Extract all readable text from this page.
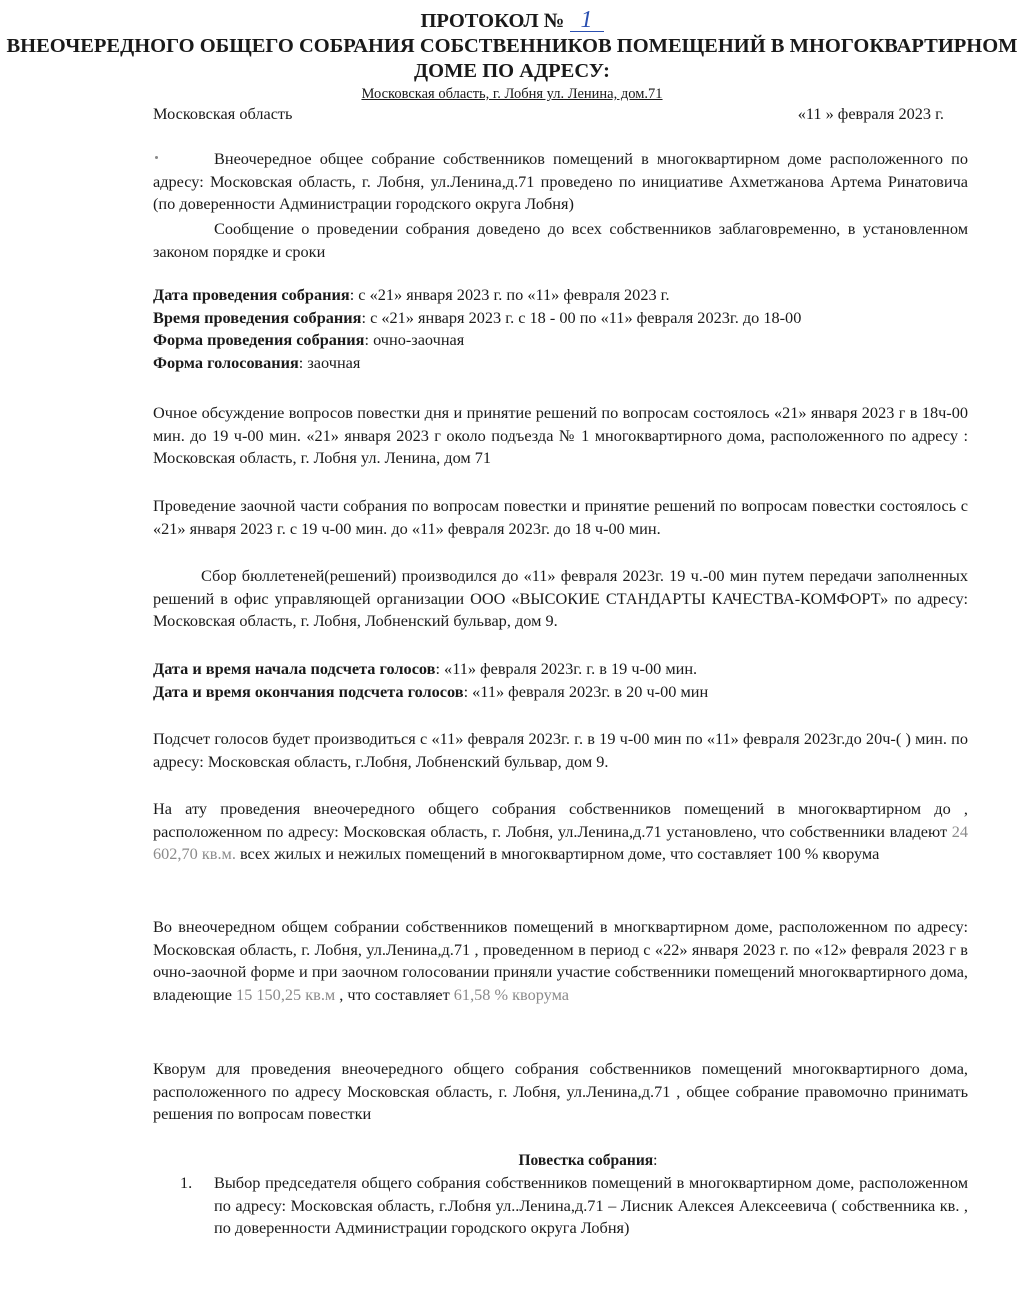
ПРОТОКОЛ № 1
ВНЕОЧЕРЕДНОГО ОБЩЕГО СОБРАНИЯ СОБСТВЕННИКОВ ПОМЕЩЕНИЙ В МНОГОКВАРТИРНОМ ДОМЕ ПО АДРЕСУ:
Московская область, г. Лобня ул. Ленина, дом.71
Московская область	«11 » февраля 2023 г.
Внеочередное общее собрание собственников помещений в многоквартирном доме расположенного по адресу: Московская область, г. Лобня, ул.Ленина,д.71 проведено по инициативе Ахметжанова Артема Ринатовича (по доверенности Администрации городского округа Лобня)
Сообщение о проведении собрания доведено до всех собственников заблаговременно, в установленном законом порядке и сроки
Дата проведения собрания: с «21» января 2023 г. по «11» февраля 2023 г.
Время проведения собрания: с «21» января 2023 г. с 18 - 00 по «11» февраля 2023г. до 18-00
Форма проведения собрания: очно-заочная
Форма голосования: заочная
Очное обсуждение вопросов повестки дня и принятие решений по вопросам состоялось «21» января 2023 г в 18ч-00 мин. до 19 ч-00 мин. «21» января 2023 г около подъезда № 1 многоквартирного дома, расположенного по адресу : Московская область, г. Лобня ул. Ленина, дом 71
Проведение заочной части собрания по вопросам повестки и принятие решений по вопросам повестки состоялось с «21» января 2023 г. с 19 ч-00 мин. до «11» февраля 2023г. до 18 ч-00 мин.
Сбор бюллетеней(решений) производился до «11» февраля 2023г. 19 ч.-00 мин путем передачи заполненных решений в офис управляющей организации ООО «ВЫСОКИЕ СТАНДАРТЫ КАЧЕСТВА-КОМФОРТ» по адресу: Московская область, г. Лобня, Лобненский бульвар, дом 9.
Дата и время начала подсчета голосов: «11» февраля 2023г. г. в 19 ч-00 мин.
Дата и время окончания подсчета голосов: «11» февраля 2023г. в 20 ч-00 мин
Подсчет голосов будет производиться с «11» февраля 2023г. г. в 19 ч-00 мин по «11» февраля 2023г.до 20ч-( ) мин. по адресу: Московская область, г.Лобня, Лобненский бульвар, дом 9.
На ату проведения внеочередного общего собрания собственников помещений в многоквартирном до , расположенном по адресу: Московская область, г. Лобня, ул.Ленина,д.71 установлено, что собственники владеют 24 602,70 кв.м. всех жилых и нежилых помещений в многоквартирном доме, что составляет 100 % кворума
Во внеочередном общем собрании собственников помещений в многквартирном доме, расположенном по адресу: Московская область, г. Лобня, ул.Ленина,д.71 , проведенном в период с «22» января 2023 г. по «12» февраля 2023 г в очно-заочной форме и при заочном голосовании приняли участие собственники помещений многоквартирного дома, владеющие 15 150,25 кв.м , что составляет 61,58 % кворума
Кворум для проведения внеочередного общего собрания собственников помещений многоквартирного дома, расположенного по адресу Московская область, г. Лобня, ул.Ленина,д.71 , общее собрание правомочно принимать решения по вопросам повестки
Повестка собрания:
1. Выбор председателя общего собрания собственников помещений в многоквартирном доме, расположенном по адресу: Московская область, г.Лобня ул..Ленина,д.71 – Лисник Алексея Алексеевича ( собственника кв. , по доверенности Администрации городского округа Лобня)
